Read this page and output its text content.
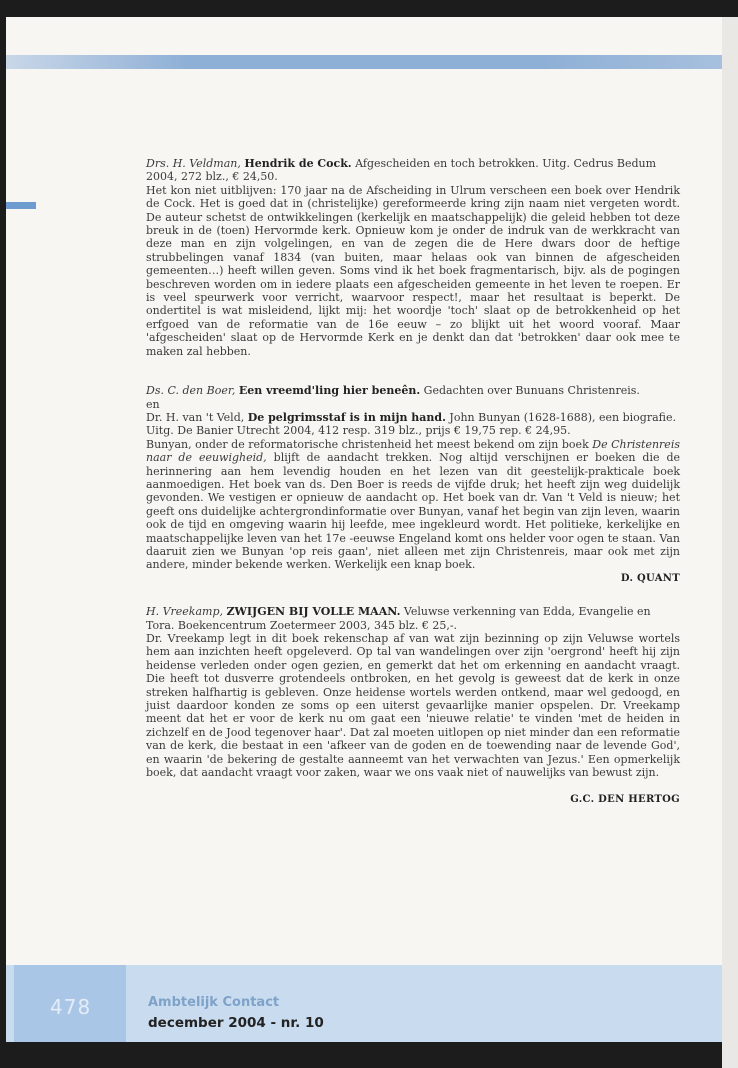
Drs. H. Veldman, Hendrik de Cock. Afgescheiden en toch betrokken. Uitg. Cedrus Bedum 2004, 272 blz., € 24,50.

Het kon niet uitblijven: 170 jaar na de Afscheiding in Ulrum verscheen een boek over Hendrik de Cock. Het is goed dat in (christelijke) gereformeerde kring zijn naam niet vergeten wordt. De auteur schetst de ontwikkelingen (kerkelijk en maatschappelijk) die geleid hebben tot deze breuk in de (toen) Hervormde kerk. Opnieuw kom je onder de indruk van de werkkracht van deze man en zijn volgelingen, en van de zegen die de Here dwars door de heftige strubbelingen vanaf 1834 (van buiten, maar helaas ook van binnen de afgescheiden gemeenten…) heeft willen geven. Soms vind ik het boek fragmentarisch, bijv. als de pogingen beschreven worden om in iedere plaats een afgescheiden gemeente in het leven te roepen. Er is veel speurwerk voor verricht, waarvoor respect!, maar het resultaat is beperkt. De ondertitel is wat misleidend, lijkt mij: het woordje 'toch' slaat op de betrokkenheid op het erfgoed van de reformatie van de 16e eeuw – zo blijkt uit het woord vooraf. Maar 'afgescheiden' slaat op de Hervormde Kerk en je denkt dan dat 'betrokken' daar ook mee te maken zal hebben.

Ds. C. den Boer, Een vreemd'ling hier beneên. Gedachten over Bunuans Christenreis.

en

Dr. H. van 't Veld, De pelgrimsstaf is in mijn hand. John Bunyan (1628-1688), een biografie. Uitg. De Banier Utrecht 2004, 412 resp. 319 blz., prijs € 19,75 rep. € 24,95.

Bunyan, onder de reformatorische christenheid het meest bekend om zijn boek De Christenreis naar de eeuwigheid, blijft de aandacht trekken. Nog altijd verschijnen er boeken die de herinnering aan hem levendig houden en het lezen van dit geestelijk-prakticale boek aanmoedigen. Het boek van ds. Den Boer is reeds de vijfde druk; het heeft zijn weg duidelijk gevonden. We vestigen er opnieuw de aandacht op. Het boek van dr. Van 't Veld is nieuw; het geeft ons duidelijke achtergrondinformatie over Bunyan, vanaf het begin van zijn leven, waarin ook de tijd en omgeving waarin hij leefde, mee ingekleurd wordt. Het politieke, kerkelijke en maatschappelijke leven van het 17e -eeuwse Engeland komt ons helder voor ogen te staan. Van daaruit zien we Bunyan 'op reis gaan', niet alleen met zijn Christenreis, maar ook met zijn andere, minder bekende werken. Werkelijk een knap boek.

D. QUANT

H. Vreekamp, ZWIJGEN BIJ VOLLE MAAN. Veluwse verkenning van Edda, Evangelie en Tora. Boekencentrum Zoetermeer 2003, 345 blz. € 25,-.

Dr. Vreekamp legt in dit boek rekenschap af van wat zijn bezinning op zijn Veluwse wortels hem aan inzichten heeft opgeleverd. Op tal van wandelingen over zijn 'oergrond' heeft hij zijn heidense verleden onder ogen gezien, en gemerkt dat het om erkenning en aandacht vraagt. Die heeft tot dusverre grotendeels ontbroken, en het gevolg is geweest dat de kerk in onze streken halfhartig is gebleven. Onze heidense wortels werden ontkend, maar wel gedoogd, en juist daardoor konden ze soms op een uiterst gevaarlijke manier opspelen. Dr. Vreekamp meent dat het er voor de kerk nu om gaat een 'nieuwe relatie' te vinden 'met de heiden in zichzelf en de Jood tegenover haar'. Dat zal moeten uitlopen op niet minder dan een reformatie van de kerk, die bestaat in een 'afkeer van de goden en de toewending naar de levende God', en waarin 'de bekering de gestalte aanneemt van het verwachten van Jezus.' Een opmerkelijk boek, dat aandacht vraagt voor zaken, waar we ons vaak niet of nauwelijks van bewust zijn.

G.C. DEN HERTOG

478	Ambtelijk Contact
december 2004 - nr. 10
